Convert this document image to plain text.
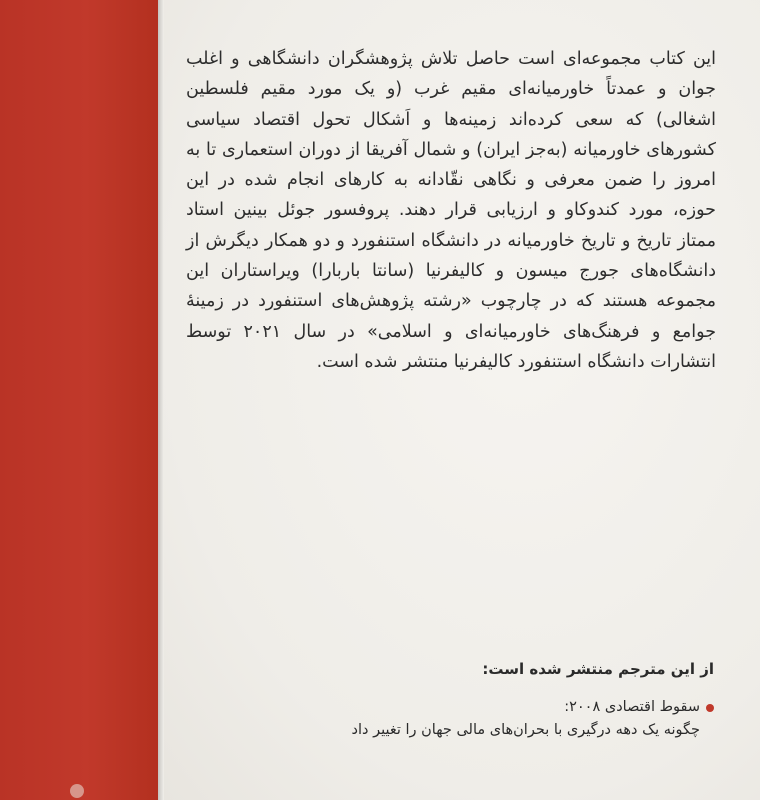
این کتاب مجموعه‌ای است حاصل تلاش پژوهشگران دانشگاهی و اغلب جوان و عمدتاً خاورمیانه‌ای مقیم غرب (و یک مورد مقیم فلسطین اشغالی) که سعی کرده‌اند زمینه‌ها و اَشکال تحول اقتصاد سیاسی کشورهای خاورمیانه (به‌جز ایران) و شمال آفریقا از دوران استعماری تا به امروز را ضمن معرفی و نگاهی نقّادانه به کارهای انجام شده در این حوزه، مورد کندوکاو و ارزیابی قرار دهند. پروفسور جوئل بینین استاد ممتاز تاریخ و تاریخ خاورمیانه در دانشگاه استنفورد و دو همکار دیگرش از دانشگاه‌های جورج میسون و کالیفرنیا (سانتا باربارا) ویراستاران این مجموعه هستند که در چارچوب «رشته پژوهش‌های استنفورد در زمینهٔ جوامع و فرهنگ‌های خاورمیانه‌ای و اسلامی» در سال ۲۰۲۱ توسط انتشارات دانشگاه استنفورد کالیفرنیا منتشر شده است.

از این مترجم منتشر شده است:

سقوط اقتصادی ۲۰۰۸:
چگونه یک دهه درگیری با بحران‌های مالی جهان را تغییر داد
